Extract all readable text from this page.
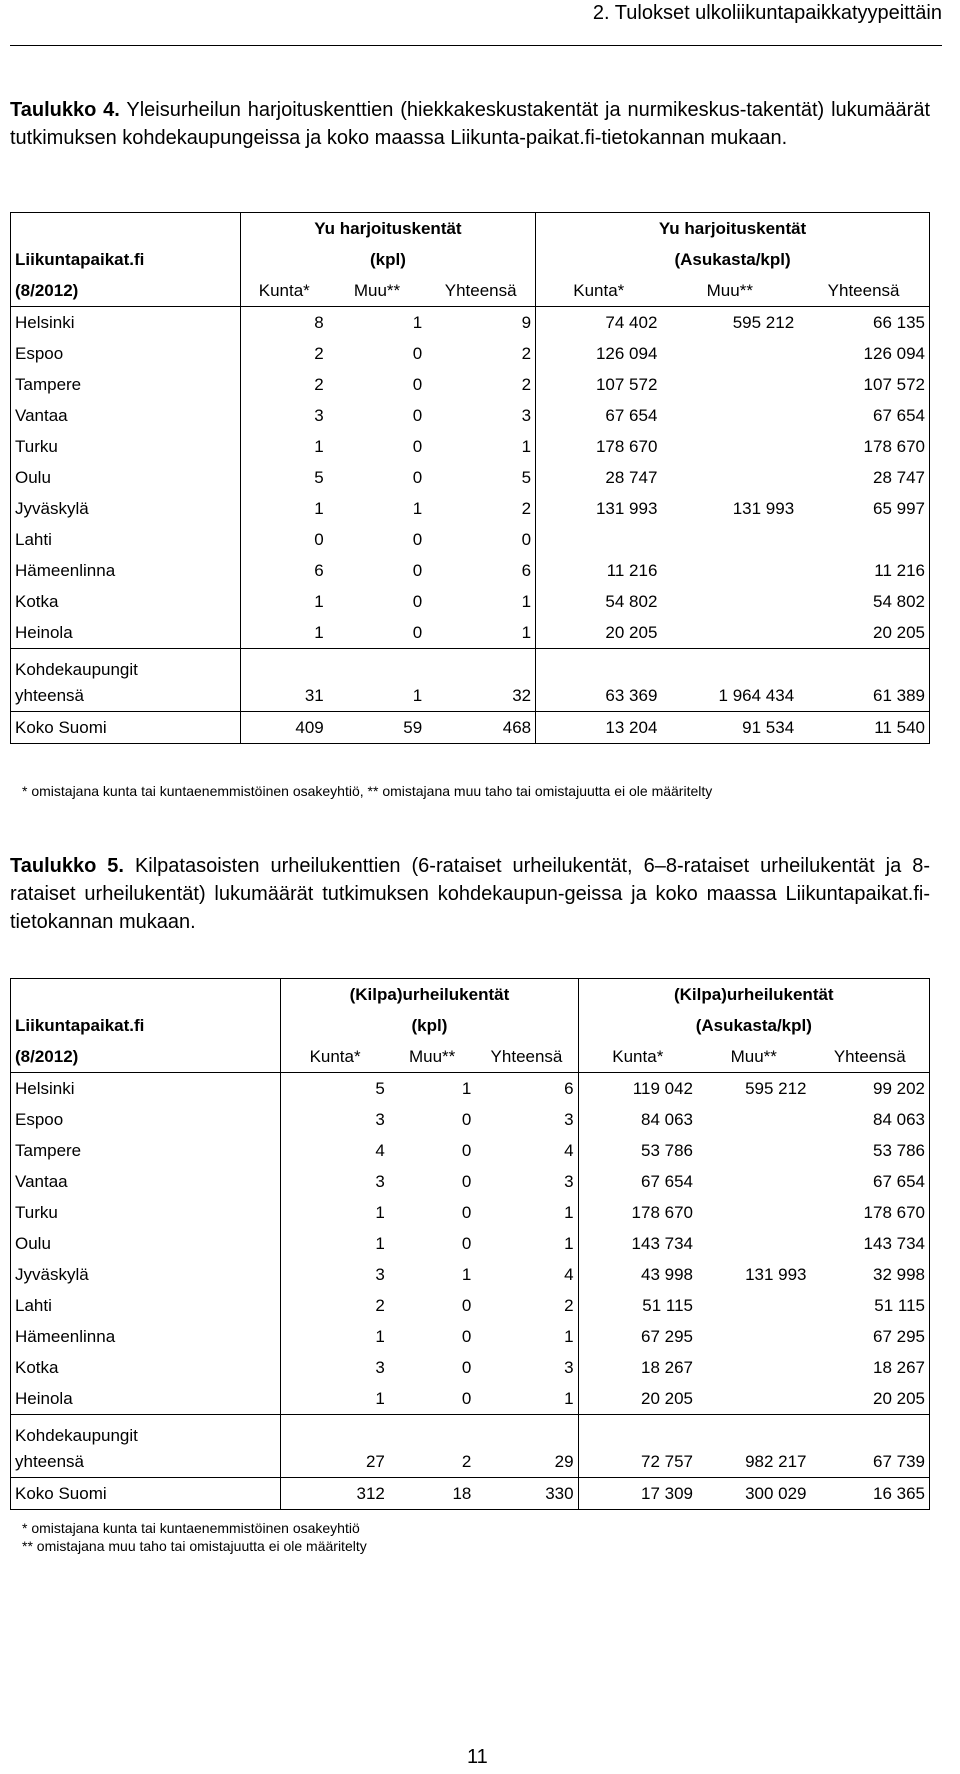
2. Tulokset ulkoliikuntapaikkatyypeittäin
Taulukko 4. Yleisurheilun harjoituskenttien (hiekkakeskustakentät ja nurmikeskus-takentät) lukumäärät tutkimuksen kohdekaupungeissa ja koko maassa Liikunta-paikat.fi-tietokannan mukaan.
	Yu harjoituskentät			Yu harjoituskentät		
Liikuntapaikat.fi	(kpl)			(Asukasta/kpl)		
(8/2012)	Kunta*	Muu**	Yhteensä	Kunta*	Muu**	Yhteensä
Helsinki	8	1	9	74 402	595 212	66 135
Espoo	2	0	2	126 094		126 094
Tampere	2	0	2	107 572		107 572
Vantaa	3	0	3	67 654		67 654
Turku	1	0	1	178 670		178 670
Oulu	5	0	5	28 747		28 747
Jyväskylä	1	1	2	131 993	131 993	65 997
Lahti	0	0	0			
Hämeenlinna	6	0	6	11 216		11 216
Kotka	1	0	1	54 802		54 802
Heinola	1	0	1	20 205		20 205
Kohdekaupungit						
yhteensä	31	1	32	63 369	1 964 434	61 389
Koko Suomi	409	59	468	13 204	91 534	11 540
* omistajana kunta tai kuntaenemmistöinen osakeyhtiö, ** omistajana muu taho tai omistajuutta ei ole määritelty
Taulukko 5. Kilpatasoisten urheilukenttien (6-rataiset urheilukentät, 6–8-rataiset urheilukentät ja 8-rataiset urheilukentät) lukumäärät tutkimuksen kohdekaupun-geissa ja koko maassa Liikuntapaikat.fi-tietokannan mukaan.
	(Kilpa)urheilukentät			(Kilpa)urheilukentät		
Liikuntapaikat.fi	(kpl)			(Asukasta/kpl)		
(8/2012)	Kunta*	Muu**	Yhteensä	Kunta*	Muu**	Yhteensä
Helsinki	5	1	6	119 042	595 212	99 202
Espoo	3	0	3	84 063		84 063
Tampere	4	0	4	53 786		53 786
Vantaa	3	0	3	67 654		67 654
Turku	1	0	1	178 670		178 670
Oulu	1	0	1	143 734		143 734
Jyväskylä	3	1	4	43 998	131 993	32 998
Lahti	2	0	2	51 115		51 115
Hämeenlinna	1	0	1	67 295		67 295
Kotka	3	0	3	18 267		18 267
Heinola	1	0	1	20 205		20 205
Kohdekaupungit						
yhteensä	27	2	29	72 757	982 217	67 739
Koko Suomi	312	18	330	17 309	300 029	16 365
* omistajana kunta tai kuntaenemmistöinen osakeyhtiö
** omistajana muu taho tai omistajuutta ei ole määritelty
11
